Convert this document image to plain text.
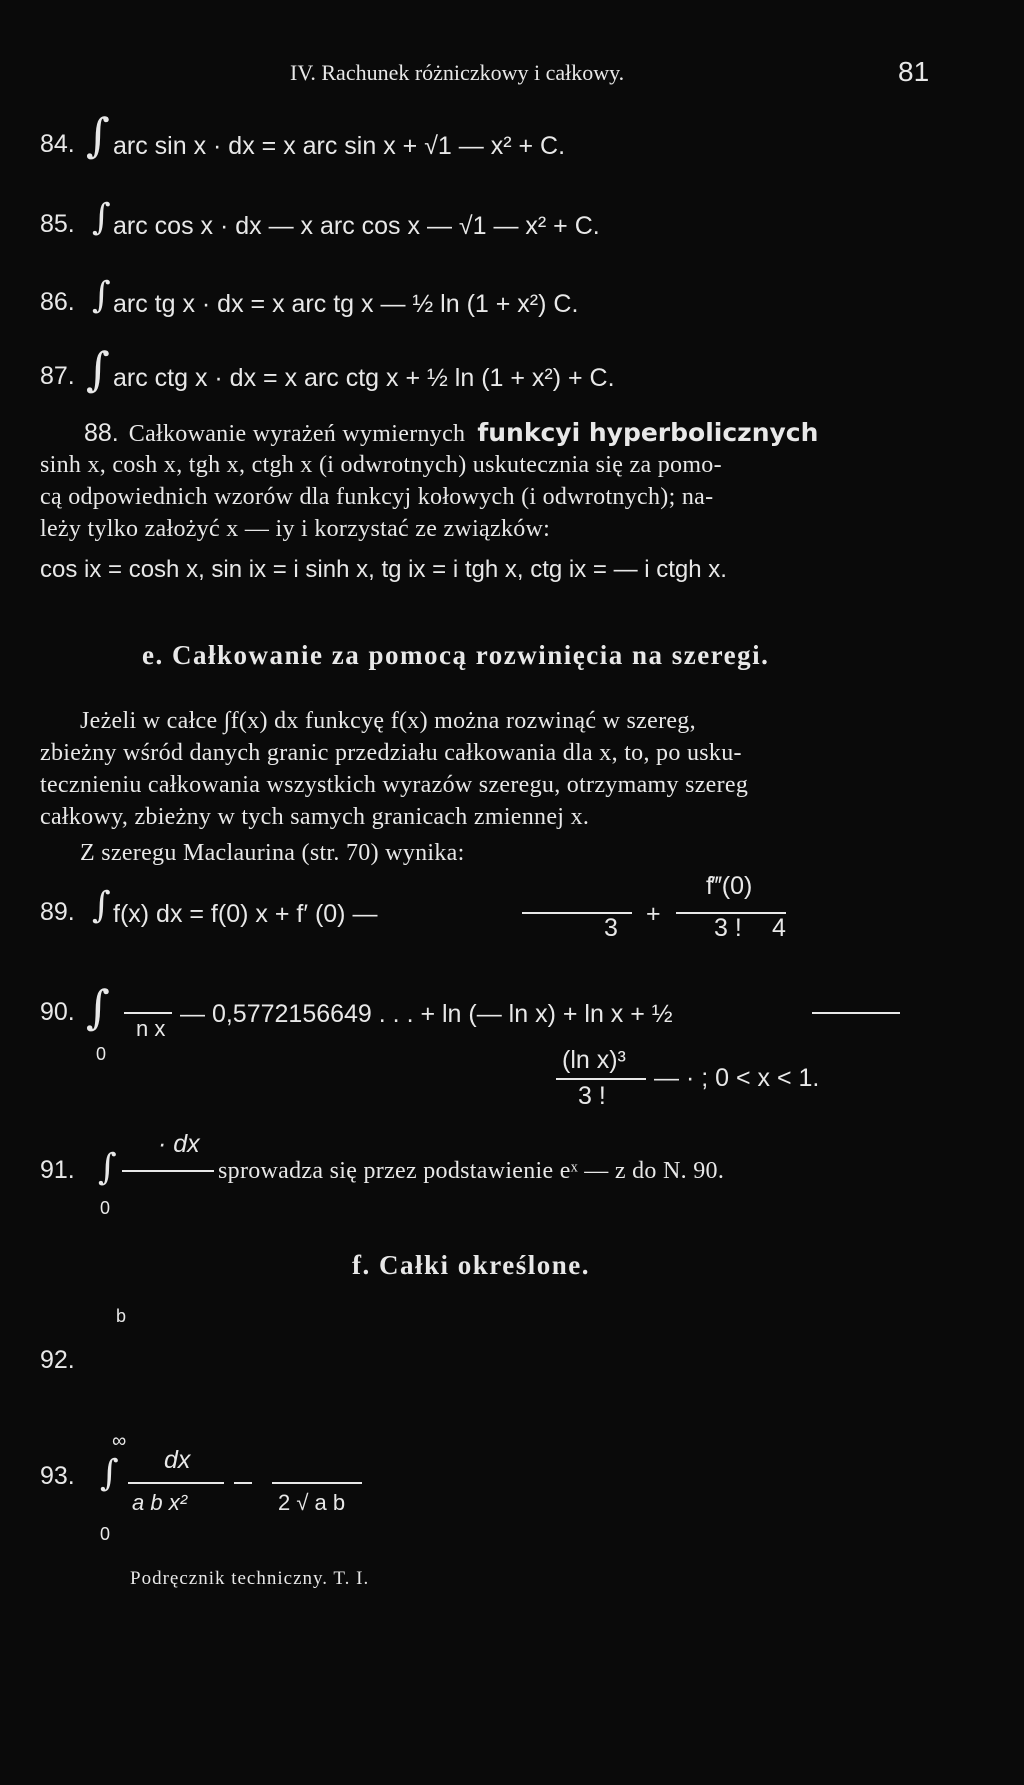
IV. Rachunek różniczkowy i całkowy.	81
84. ∫ arc sin x · dx = x arc sin x + √1 — x² + C.
85. ∫ arc cos x · dx — x arc cos x — √1 — x² + C.
86. ∫ arc tg x · dx = x arc tg x — ½ ln (1 + x²) C.
87. ∫ arc ctg x · dx = x arc ctg x + ½ ln (1 + x²) + C.
88. Całkowanie wyrażeń wymiernych funkcyi hyperbolicznych
sinh x, cosh x, tgh x, ctgh x (i odwrotnych) uskutecznia się za pomo-
cą odpowiednich wzorów dla funkcyj kołowych (i odwrotnych); na-
leży tylko założyć x — iy i korzystać ze związków:
cos ix = cosh x, sin ix = i sinh x, tg ix = i tgh x, ctg ix = — i ctgh x.
e. Całkowanie za pomocą rozwinięcia na szeregi.
Jeżeli w całce ∫f(x) dx funkcyę f(x) można rozwinąć w szereg,
zbieżny wśród danych granic przedziału całkowania dla x, to, po usku-
tecznieniu całkowania wszystkich wyrazów szeregu, otrzymamy szereg
całkowy, zbieżny w tych samych granicach zmiennej x.
Z szeregu Maclaurina (str. 70) wynika:
89. ∫ f(x) dx = f(0) x + f′ (0) —	3 +
f‴(0)
3 ! 4
90. ∫
0
n x
— 0,5772156649 . . . + ln (— ln x) + ln x + ½
(ln x)³
3 !
— · ; 0 < x < 1.
91. ∫
0
· dx
sprowadza się przez podstawienie eˣ — z do N. 90.
f. Całki określone.
b
92.
∞
93. ∫
0
dx
a b x²	2 √ a b
Podręcznik techniczny. T. I.
